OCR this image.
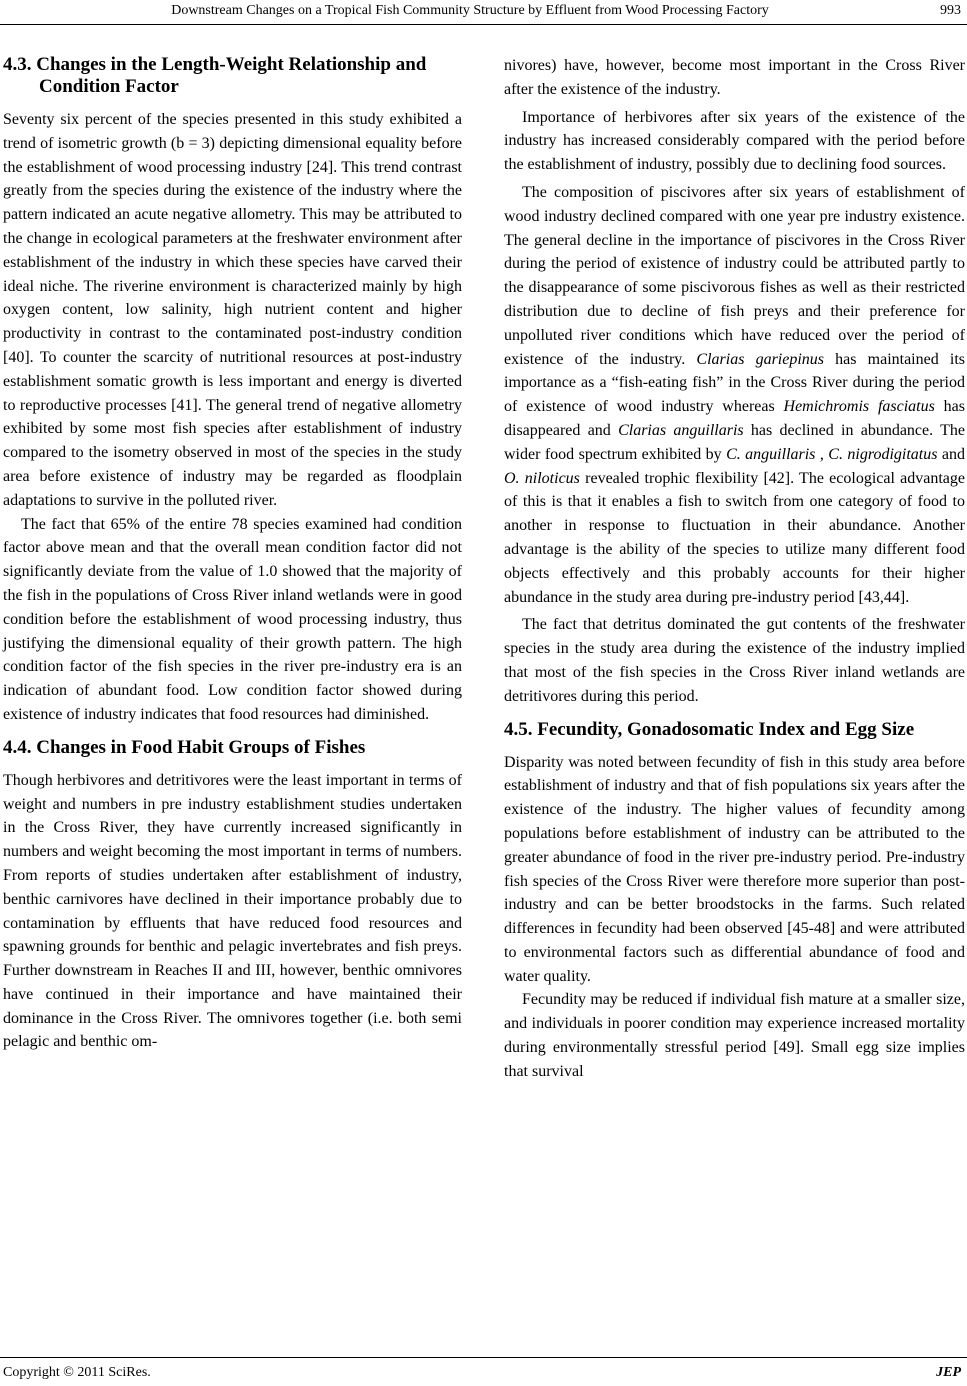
Downstream Changes on a Tropical Fish Community Structure by Effluent from Wood Processing Factory	993
4.3. Changes in the Length-Weight Relationship and Condition Factor

Seventy six percent of the species presented in this study exhibited a trend of isometric growth (b = 3) depicting dimensional equality before the establishment of wood processing industry [24]. This trend contrast greatly from the species during the existence of the industry where the pattern indicated an acute negative allometry. This may be attributed to the change in ecological parameters at the freshwater environment after establishment of the industry in which these species have carved their ideal niche. The riverine environment is characterized mainly by high oxygen content, low salinity, high nutrient content and higher productivity in contrast to the contaminated post-industry condition [40]. To counter the scarcity of nutritional resources at post-industry establishment somatic growth is less important and energy is diverted to reproductive processes [41]. The general trend of negative allometry exhibited by some most fish species after establishment of industry compared to the isometry observed in most of the species in the study area before existence of industry may be regarded as floodplain adaptations to survive in the polluted river.

The fact that 65% of the entire 78 species examined had condition factor above mean and that the overall mean condition factor did not significantly deviate from the value of 1.0 showed that the majority of the fish in the populations of Cross River inland wetlands were in good condition before the establishment of wood processing industry, thus justifying the dimensional equality of their growth pattern. The high condition factor of the fish species in the river pre-industry era is an indication of abundant food. Low condition factor showed during existence of industry indicates that food resources had diminished.

4.4. Changes in Food Habit Groups of Fishes

Though herbivores and detritivores were the least important in terms of weight and numbers in pre industry establishment studies undertaken in the Cross River, they have currently increased significantly in numbers and weight becoming the most important in terms of numbers. From reports of studies undertaken after establishment of industry, benthic carnivores have declined in their importance probably due to contamination by effluents that have reduced food resources and spawning grounds for benthic and pelagic invertebrates and fish preys. Further downstream in Reaches II and III, however, benthic omnivores have continued in their importance and have maintained their dominance in the Cross River. The omnivores together (i.e. both semi pelagic and benthic om-

nivores) have, however, become most important in the Cross River after the existence of the industry.

Importance of herbivores after six years of the existence of the industry has increased considerably compared with the period before the establishment of industry, possibly due to declining food sources.

The composition of piscivores after six years of establishment of wood industry declined compared with one year pre industry existence. The general decline in the importance of piscivores in the Cross River during the period of existence of industry could be attributed partly to the disappearance of some piscivorous fishes as well as their restricted distribution due to decline of fish preys and their preference for unpolluted river conditions which have reduced over the period of existence of the industry. Clarias gariepinus has maintained its importance as a “fish-eating fish” in the Cross River during the period of existence of wood industry whereas Hemichromis fasciatus has disappeared and Clarias anguillaris has declined in abundance. The wider food spectrum exhibited by C. anguillaris , C. nigrodigitatus and O. niloticus revealed trophic flexibility [42]. The ecological advantage of this is that it enables a fish to switch from one category of food to another in response to fluctuation in their abundance. Another advantage is the ability of the species to utilize many different food objects effectively and this probably accounts for their higher abundance in the study area during pre-industry period [43,44].

The fact that detritus dominated the gut contents of the freshwater species in the study area during the existence of the industry implied that most of the fish species in the Cross River inland wetlands are detritivores during this period.

4.5. Fecundity, Gonadosomatic Index and Egg Size

Disparity was noted between fecundity of fish in this study area before establishment of industry and that of fish populations six years after the existence of the industry. The higher values of fecundity among populations before establishment of industry can be attributed to the greater abundance of food in the river pre-industry period. Pre-industry fish species of the Cross River were therefore more superior than post-industry and can be better broodstocks in the farms. Such related differences in fecundity had been observed [45-48] and were attributed to environmental factors such as differential abundance of food and water quality.

Fecundity may be reduced if individual fish mature at a smaller size, and individuals in poorer condition may experience increased mortality during environmentally stressful period [49]. Small egg size implies that survival

Copyright © 2011 SciRes.	JEP
